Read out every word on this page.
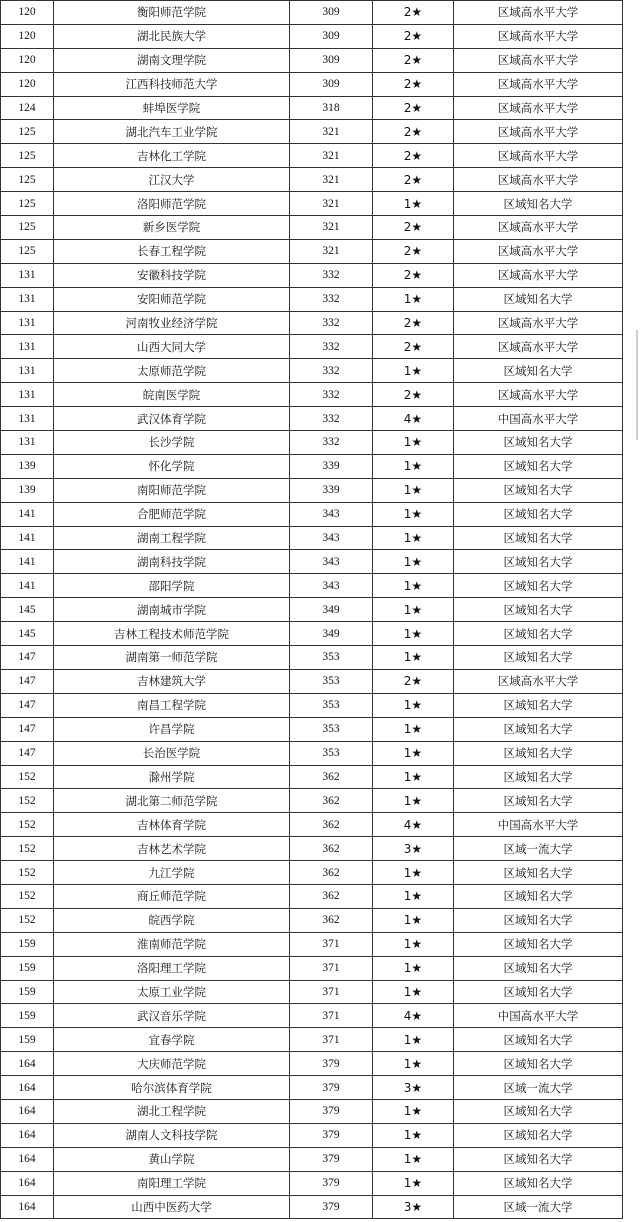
120	衡阳师范学院	309	2★	区域高水平大学
120	湖北民族大学	309	2★	区域高水平大学
120	湖南文理学院	309	2★	区域高水平大学
120	江西科技师范大学	309	2★	区域高水平大学
124	蚌埠医学院	318	2★	区域高水平大学
125	湖北汽车工业学院	321	2★	区域高水平大学
125	吉林化工学院	321	2★	区域高水平大学
125	江汉大学	321	2★	区域高水平大学
125	洛阳师范学院	321	1★	区域知名大学
125	新乡医学院	321	2★	区域高水平大学
125	长春工程学院	321	2★	区域高水平大学
131	安徽科技学院	332	2★	区域高水平大学
131	安阳师范学院	332	1★	区域知名大学
131	河南牧业经济学院	332	2★	区域高水平大学
131	山西大同大学	332	2★	区域高水平大学
131	太原师范学院	332	1★	区域知名大学
131	皖南医学院	332	2★	区域高水平大学
131	武汉体育学院	332	4★	中国高水平大学
131	长沙学院	332	1★	区域知名大学
139	怀化学院	339	1★	区域知名大学
139	南阳师范学院	339	1★	区域知名大学
141	合肥师范学院	343	1★	区域知名大学
141	湖南工程学院	343	1★	区域知名大学
141	湖南科技学院	343	1★	区域知名大学
141	邵阳学院	343	1★	区域知名大学
145	湖南城市学院	349	1★	区域知名大学
145	吉林工程技术师范学院	349	1★	区域知名大学
147	湖南第一师范学院	353	1★	区域知名大学
147	吉林建筑大学	353	2★	区域高水平大学
147	南昌工程学院	353	1★	区域知名大学
147	许昌学院	353	1★	区域知名大学
147	长治医学院	353	1★	区域知名大学
152	滁州学院	362	1★	区域知名大学
152	湖北第二师范学院	362	1★	区域知名大学
152	吉林体育学院	362	4★	中国高水平大学
152	吉林艺术学院	362	3★	区域一流大学
152	九江学院	362	1★	区域知名大学
152	商丘师范学院	362	1★	区域知名大学
152	皖西学院	362	1★	区域知名大学
159	淮南师范学院	371	1★	区域知名大学
159	洛阳理工学院	371	1★	区域知名大学
159	太原工业学院	371	1★	区域知名大学
159	武汉音乐学院	371	4★	中国高水平大学
159	宜春学院	371	1★	区域知名大学
164	大庆师范学院	379	1★	区域知名大学
164	哈尔滨体育学院	379	3★	区域一流大学
164	湖北工程学院	379	1★	区域知名大学
164	湖南人文科技学院	379	1★	区域知名大学
164	黄山学院	379	1★	区域知名大学
164	南阳理工学院	379	1★	区域知名大学
164	山西中医药大学	379	3★	区域一流大学
